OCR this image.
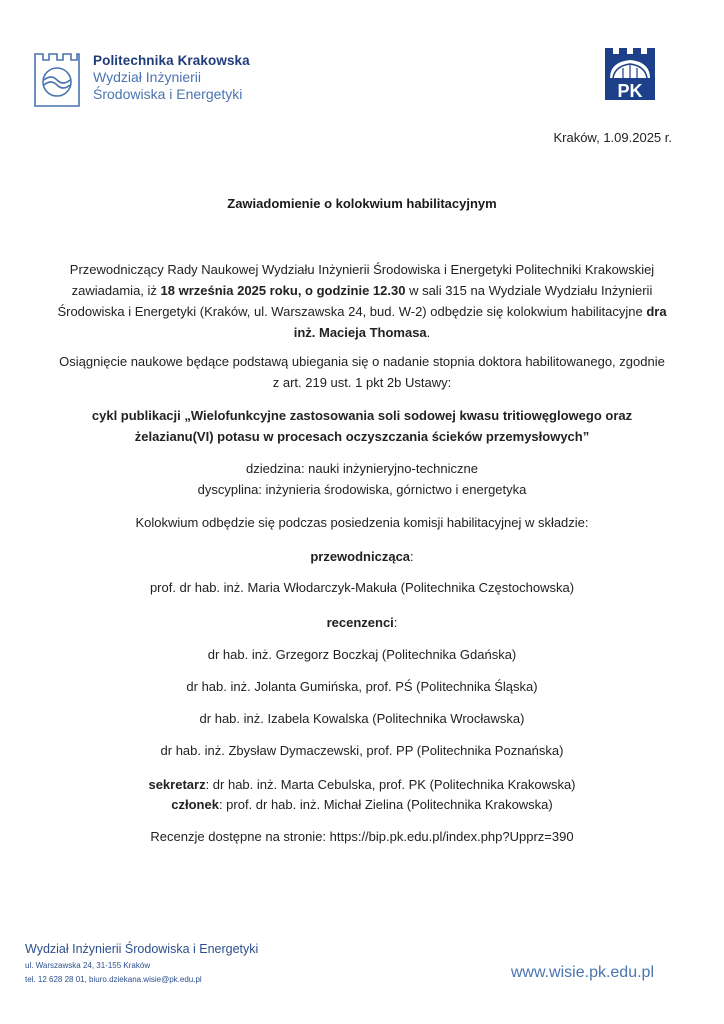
Politechnika Krakowska
Wydział Inżynierii
Środowiska i Energetyki	PK
Kraków, 1.09.2025 r.
Zawiadomienie o kolokwium habilitacyjnym
Przewodniczący Rady Naukowej Wydziału Inżynierii Środowiska i Energetyki Politechniki Krakowskiej zawiadamia, iż 18 września 2025 roku, o godzinie 12.30 w sali 315 na Wydziale Wydziału Inżynierii Środowiska i Energetyki (Kraków, ul. Warszawska 24, bud. W-2) odbędzie się kolokwium habilitacyjne dra inż. Macieja Thomasa.
Osiągnięcie naukowe będące podstawą ubiegania się o nadanie stopnia doktora habilitowanego, zgodnie z art. 219 ust. 1 pkt 2b Ustawy:
cykl publikacji „Wielofunkcyjne zastosowania soli sodowej kwasu tritiowęglowego oraz żelazianu(VI) potasu w procesach oczyszczania ścieków przemysłowych”
dziedzina: nauki inżynieryjno-techniczne
dyscyplina: inżynieria środowiska, górnictwo i energetyka
Kolokwium odbędzie się podczas posiedzenia komisji habilitacyjnej w składzie:
przewodnicząca:
prof. dr hab. inż. Maria Włodarczyk-Makuła (Politechnika Częstochowska)
recenzenci:
dr hab. inż. Grzegorz Boczkaj (Politechnika Gdańska)
dr hab. inż. Jolanta Gumińska, prof. PŚ (Politechnika Śląska)
dr hab. inż. Izabela Kowalska (Politechnika Wrocławska)
dr hab. inż. Zbysław Dymaczewski, prof. PP (Politechnika Poznańska)
sekretarz: dr hab. inż. Marta Cebulska, prof. PK (Politechnika Krakowska)
członek: prof. dr hab. inż. Michał Zielina (Politechnika Krakowska)
Recenzje dostępne na stronie: https://bip.pk.edu.pl/index.php?Upprz=390
Wydział Inżynierii Środowiska i Energetyki
ul. Warszawska 24, 31-155 Kraków
tel. 12 628 28 01, biuro.dziekana.wisie@pk.edu.pl	www.wisie.pk.edu.pl
